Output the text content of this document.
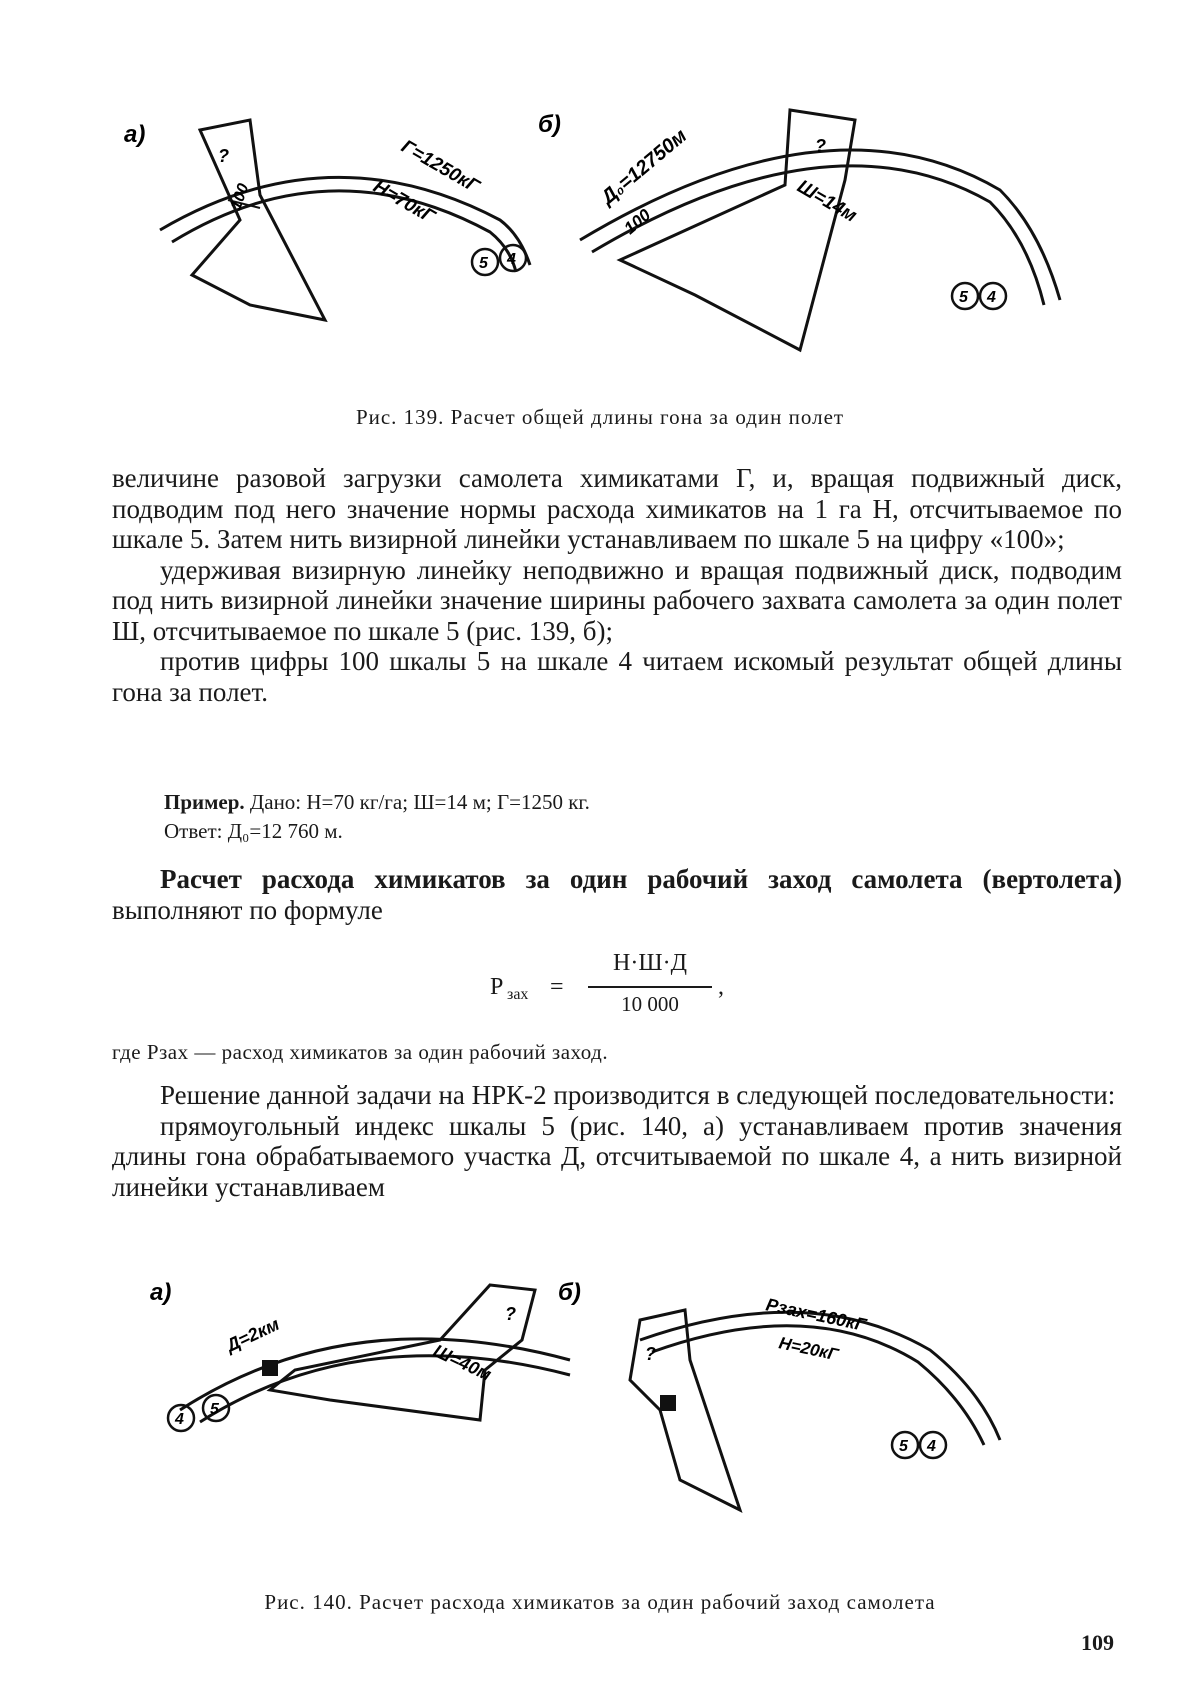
а)
?
100	Г=1250кГ
Н=70кГ
5 4
б)
?
Д₀=12750м
100	Ш=14м
5 4
Рис. 139. Расчет общей длины гона за один полет

величине разовой загрузки самолета химикатами Г, и, вращая подвижный диск, подводим под него значение нормы расхода химикатов на 1 га Н, отсчитываемое по шкале 5. Затем нить визирной линейки устанавливаем по шкале 5 на цифру «100»;

удерживая визирную линейку неподвижно и вращая подвижный диск, подводим под нить визирной линейки значение ширины рабочего захвата самолета за один полет Ш, отсчитываемое по шкале 5 (рис. 139, б);

против цифры 100 шкалы 5 на шкале 4 читаем искомый результат общей длины гона за полет.

Пример. Дано: Н=70 кг/га; Ш=14 м; Г=1250 кг.
Ответ: Д₀=12 760 м.

Расчет расхода химикатов за один рабочий заход самолета (вертолета) выполняют по формуле

P зах =
Н·Ш·Д
10 000
,
где Pзах — расход химикатов за один рабочий заход.

Решение данной задачи на НРК-2 производится в следующей последовательности:

прямоугольный индекс шкалы 5 (рис. 140, а) устанавливаем против значения длины гона обрабатываемого участка Д, отсчитываемой по шкале 4, а нить визирной линейки устанавливаем

а)
?
Д=2км
Ш=40м
4
5
б)
?
Pзах=160кГ
Н=20кГ
5 4
Рис. 140. Расчет расхода химикатов за один рабочий заход самолета
109
